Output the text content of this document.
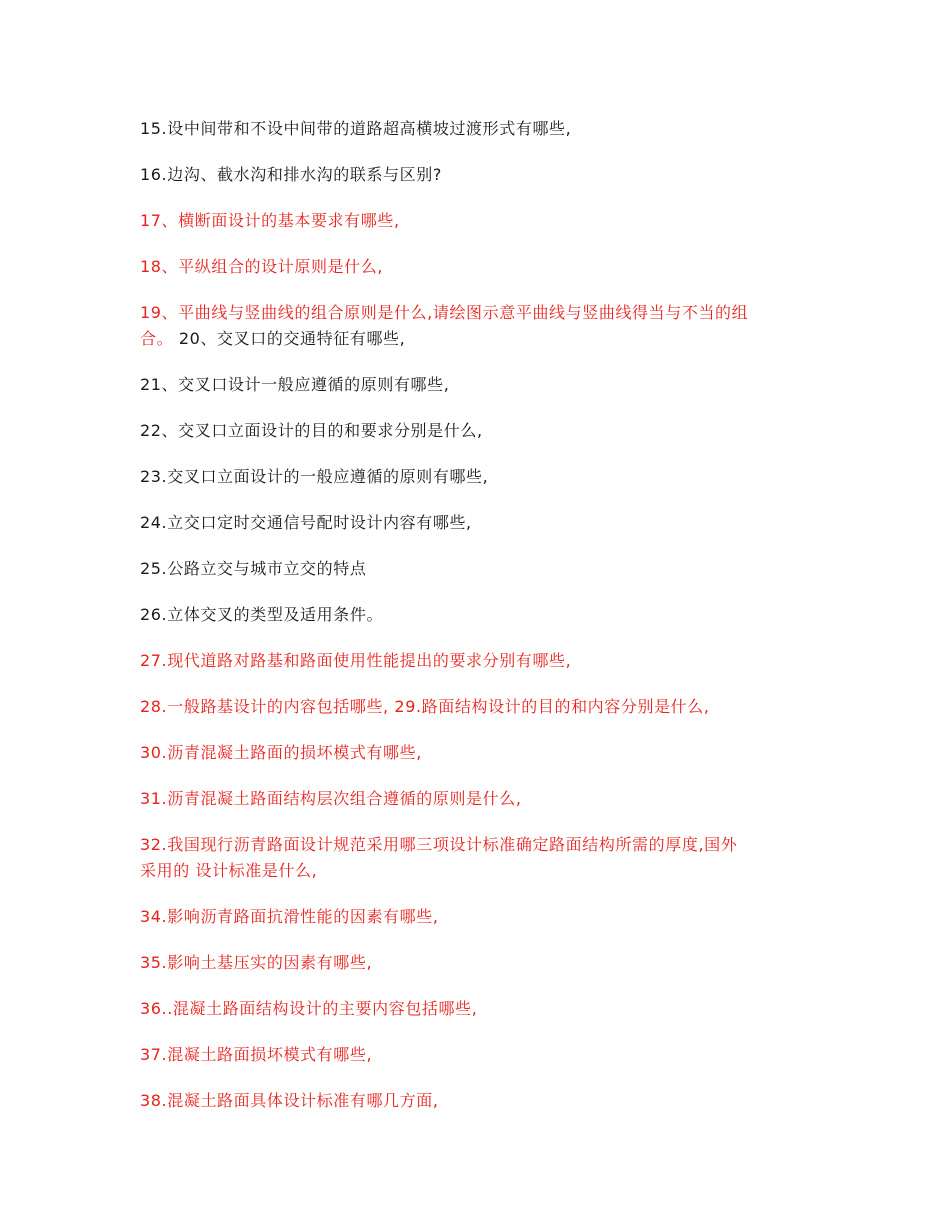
15.设中间带和不设中间带的道路超高横坡过渡形式有哪些,
16.边沟、截水沟和排水沟的联系与区别?
17、横断面设计的基本要求有哪些,
18、平纵组合的设计原则是什么,
19、平曲线与竖曲线的组合原则是什么,请绘图示意平曲线与竖曲线得当与不当的组
合。 20、交叉口的交通特征有哪些,
21、交叉口设计一般应遵循的原则有哪些,
22、交叉口立面设计的目的和要求分别是什么,
23.交叉口立面设计的一般应遵循的原则有哪些,
24.立交口定时交通信号配时设计内容有哪些,
25.公路立交与城市立交的特点
26.立体交叉的类型及适用条件。
27.现代道路对路基和路面使用性能提出的要求分别有哪些,
28.一般路基设计的内容包括哪些, 29.路面结构设计的目的和内容分别是什么,
30.沥青混凝土路面的损坏模式有哪些,
31.沥青混凝土路面结构层次组合遵循的原则是什么,
32.我国现行沥青路面设计规范采用哪三项设计标准确定路面结构所需的厚度,国外
采用的 设计标准是什么,
34.影响沥青路面抗滑性能的因素有哪些,
35.影响土基压实的因素有哪些,
36..混凝土路面结构设计的主要内容包括哪些,
37.混凝土路面损坏模式有哪些,
38.混凝土路面具体设计标准有哪几方面,
